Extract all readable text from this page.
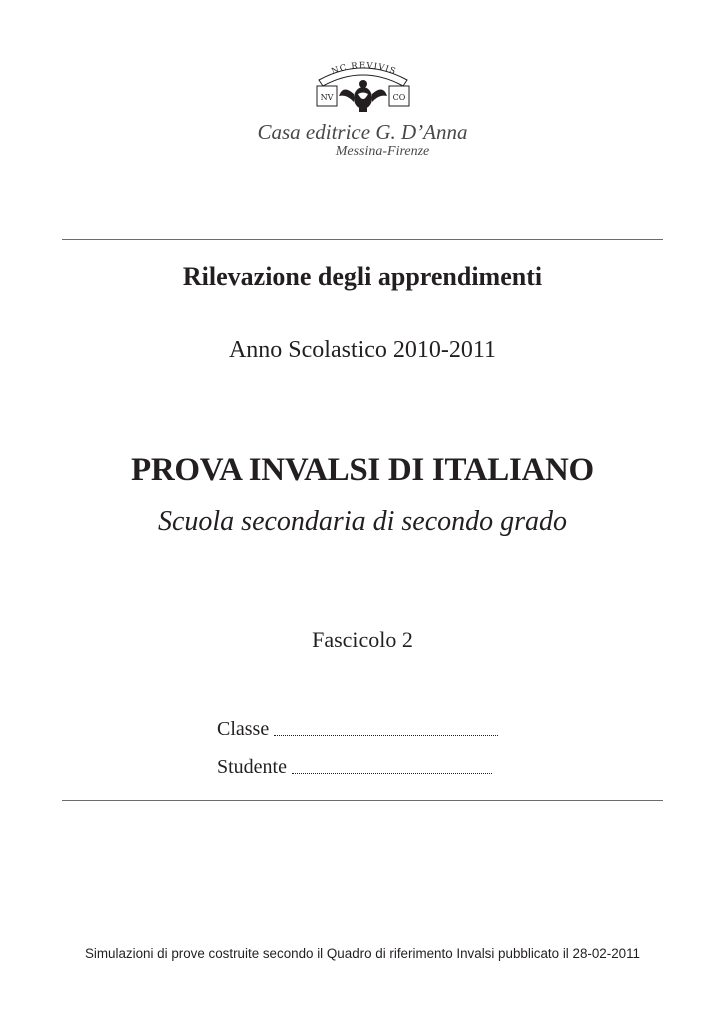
NC REVIVIS
NV	CO
Casa editrice G. D’Anna
Messina-Firenze
Rilevazione degli apprendimenti
Anno Scolastico 2010-2011
PROVA INVALSI DI ITALIANO
Scuola secondaria di secondo grado
Fascicolo 2
Classe
Studente
Simulazioni di prove costruite secondo il Quadro di riferimento Invalsi pubblicato il 28-02-2011
